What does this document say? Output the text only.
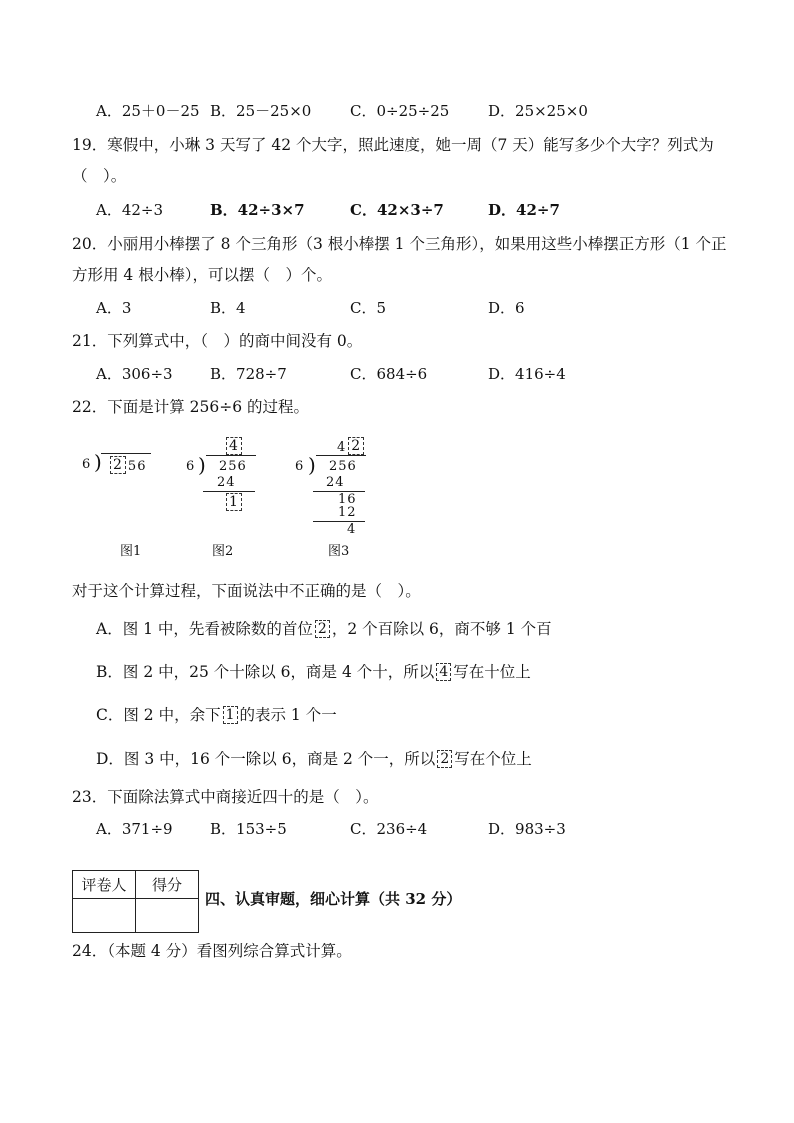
A．25＋0－25 B．25－25×0	C．0÷25÷25	D．25×25×0
19．寒假中，小琳 3 天写了 42 个大字，照此速度，她一周（7 天）能写多少个大字？列式为
（　）。
A．42÷3	B．42÷3×7	C．42×3÷7	D．42÷7
20．小丽用小棒摆了 8 个三角形（3 根小棒摆 1 个三角形），如果用这些小棒摆正方形（1 个正
方形用 4 根小棒），可以摆（　）个。
A．3	B．4	C．5	D．6
21．下列算式中，（　）的商中间没有 0。
A．306÷3 B．728÷7	C．684÷6	D．416÷4
22．下面是计算 256÷6 的过程。
6 ) 2 56
图1
4
6 ) 256
24
1
图2
4 2
6 ) 256
24
16
12
4
图3
对于这个计算过程，下面说法中不正确的是（　）。
A．图 1 中，先看被除数的首位 2 ，2 个百除以 6，商不够 1 个百
B．图 2 中，25 个十除以 6，商是 4 个十，所以 4 写在十位上
C．图 2 中，余下 1 的表示 1 个一
D．图 3 中，16 个一除以 6，商是 2 个一，所以 2 写在个位上
23．下面除法算式中商接近四十的是（　）。
A．371÷9 B．153÷5	C．236÷4	D．983÷3
评卷人	得分

四、认真审题，细心计算（共 32 分）
24．（本题 4 分）看图列综合算式计算。
